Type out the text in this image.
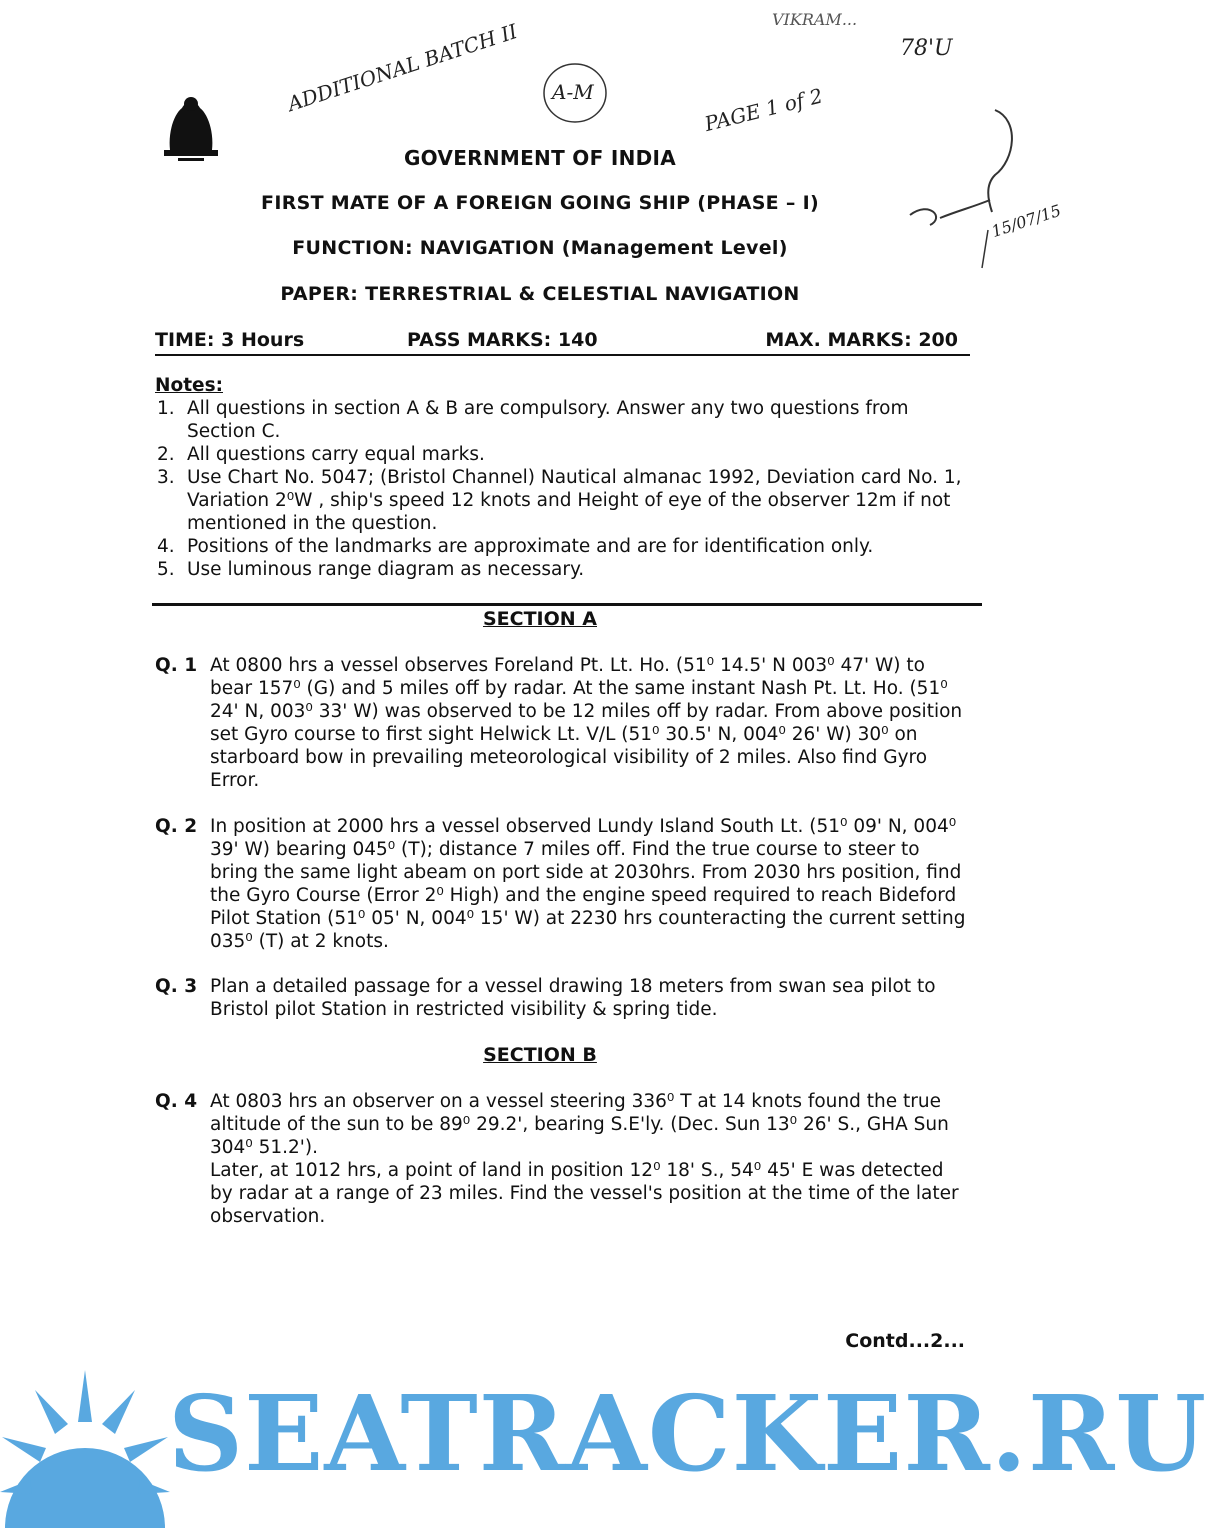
VIKRAM...
78'U
ADDITIONAL BATCH II A-M	PAGE 1 of 2
15/07/15
GOVERNMENT OF INDIA
FIRST MATE OF A FOREIGN GOING SHIP (PHASE – I)
FUNCTION: NAVIGATION (Management Level)
PAPER: TERRESTRIAL & CELESTIAL NAVIGATION
TIME: 3 Hours	PASS MARKS: 140	MAX. MARKS: 200
Notes:
1. All questions in section A & B are compulsory. Answer any two questions from Section C.
2. All questions carry equal marks.
3. Use Chart No. 5047; (Bristol Channel) Nautical almanac 1992, Deviation card No. 1, Variation 2⁰W , ship's speed 12 knots and Height of eye of the observer 12m if not mentioned in the question.
4. Positions of the landmarks are approximate and are for identification only.
5. Use luminous range diagram as necessary.
SECTION A
Q. 1 At 0800 hrs a vessel observes Foreland Pt. Lt. Ho. (51⁰ 14.5' N 003⁰ 47' W) to bear 157⁰ (G) and 5 miles off by radar. At the same instant Nash Pt. Lt. Ho. (51⁰ 24' N, 003⁰ 33' W) was observed to be 12 miles off by radar. From above position set Gyro course to first sight Helwick Lt. V/L (51⁰ 30.5' N, 004⁰ 26' W) 30⁰ on starboard bow in prevailing meteorological visibility of 2 miles. Also find Gyro Error.
Q. 2 In position at 2000 hrs a vessel observed Lundy Island South Lt. (51⁰ 09' N, 004⁰ 39' W) bearing 045⁰ (T); distance 7 miles off. Find the true course to steer to bring the same light abeam on port side at 2030hrs. From 2030 hrs position, find the Gyro Course (Error 2⁰ High) and the engine speed required to reach Bideford Pilot Station (51⁰ 05' N, 004⁰ 15' W) at 2230 hrs counteracting the current setting 035⁰ (T) at 2 knots.
Q. 3 Plan a detailed passage for a vessel drawing 18 meters from swan sea pilot to Bristol pilot Station in restricted visibility & spring tide.
SECTION B
Q. 4 At 0803 hrs an observer on a vessel steering 336⁰ T at 14 knots found the true altitude of the sun to be 89⁰ 29.2', bearing S.E'ly. (Dec. Sun 13⁰ 26' S., GHA Sun 304⁰ 51.2').
Later, at 1012 hrs, a point of land in position 12⁰ 18' S., 54⁰ 45' E was detected by radar at a range of 23 miles. Find the vessel's position at the time of the later observation.
Contd...2...
SEATRACKER.RU
